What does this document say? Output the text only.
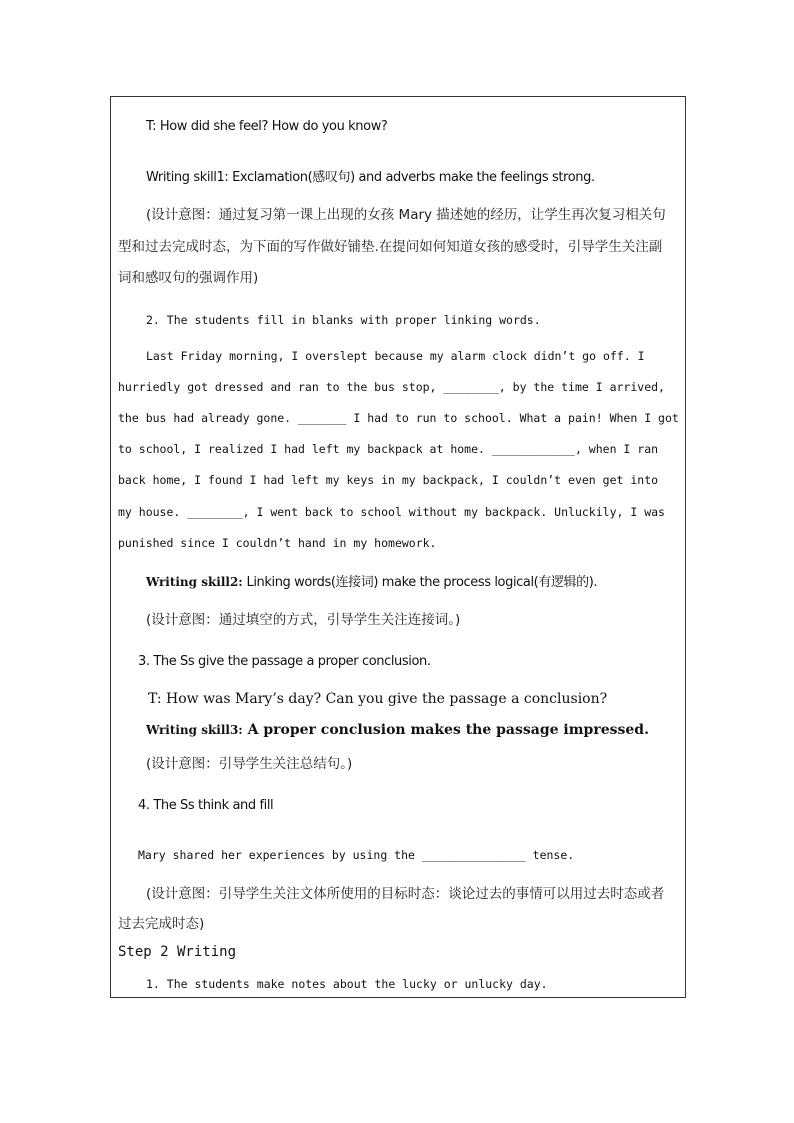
T: How did she feel? How do you know?
Writing skill1: Exclamation(感叹句) and adverbs make the feelings strong.
(设计意图：通过复习第一课上出现的女孩 Mary 描述她的经历，让学生再次复习相关句
型和过去完成时态，为下面的写作做好铺垫.在提问如何知道女孩的感受时，引导学生关注副
词和感叹句的强调作用)
2. The students fill in blanks with proper linking words.
Last Friday morning, I overslept because my alarm clock didn’t go off. I
hurriedly got dressed and ran to the bus stop, ________, by the time I arrived,
the bus had already gone. _______ I had to run to school. What a pain! When I got
to school, I realized I had left my backpack at home. ____________, when I ran
back home, I found I had left my keys in my backpack, I couldn’t even get into
my house. ________, I went back to school without my backpack. Unluckily, I was
punished since I couldn’t hand in my homework.
Writing skill2: Linking words(连接词) make the process logical(有逻辑的).
(设计意图：通过填空的方式，引导学生关注连接词。)
3. The Ss give the passage a proper conclusion.
T: How was Mary’s day? Can you give the passage a conclusion?
Writing skill3: A proper conclusion makes the passage impressed.
(设计意图：引导学生关注总结句。)
4. The Ss think and fill
Mary shared her experiences by using the _______________ tense.
(设计意图：引导学生关注文体所使用的目标时态：谈论过去的事情可以用过去时态或者
过去完成时态)
Step 2 Writing
1. The students make notes about the lucky or unlucky day.
